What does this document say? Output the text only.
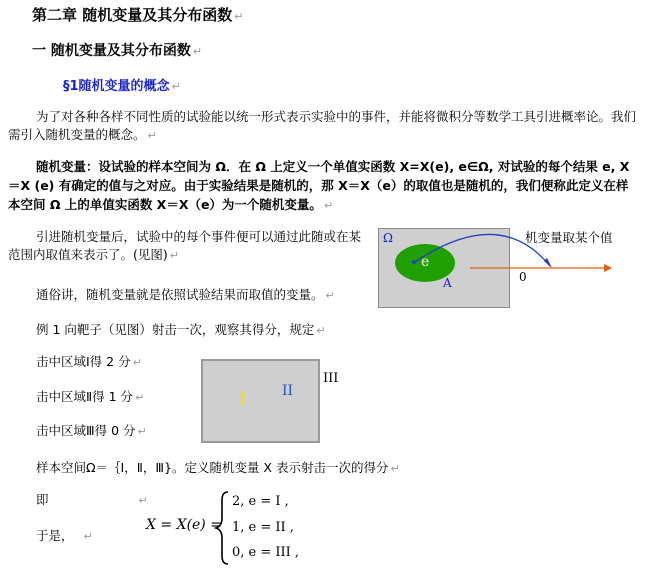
第二章 随机变量及其分布函数 ↵
一 随机变量及其分布函数 ↵
§1随机变量的概念 ↵
为了对各种各样不同性质的试验能以统一形式表示实验中的事件，并能将微积分等数学工具引进概率论。我们需引入随机变量的概念。 ↵
随机变量：设试验的样本空间为 Ω．在 Ω 上定义一个单值实函数 X=X(e), e∈Ω, 对试验的每个结果 e, X＝X (e) 有确定的值与之对应。由于实验结果是随机的，那 X＝X（e）的取值也是随机的，我们便称此定义在样本空间 Ω 上的单值实函数 X＝X（e）为一个随机变量。 ↵
引进随机变量后，试验中的每个事件便可以通过此随或在某范围内取值来表示了。(见图) ↵
机变量取某个值
Ω
e
A	0
通俗讲，随机变量就是依照试验结果而取值的变量。 ↵
例 1 向靶子（见图）射击一次，观察其得分，规定 ↵
击中区域Ⅰ得 2 分 ↵
击中区域Ⅱ得 1 分 ↵
击中区域Ⅲ得 0 分 ↵
I	II
III
样本空间Ω＝｛Ⅰ，Ⅱ，Ⅲ}。定义随机变量 X 表示射击一次的得分 ↵
即	↵
于是， ↵
X = X(e) =
2, e = I ,
1, e = II ,
0, e = III ,
